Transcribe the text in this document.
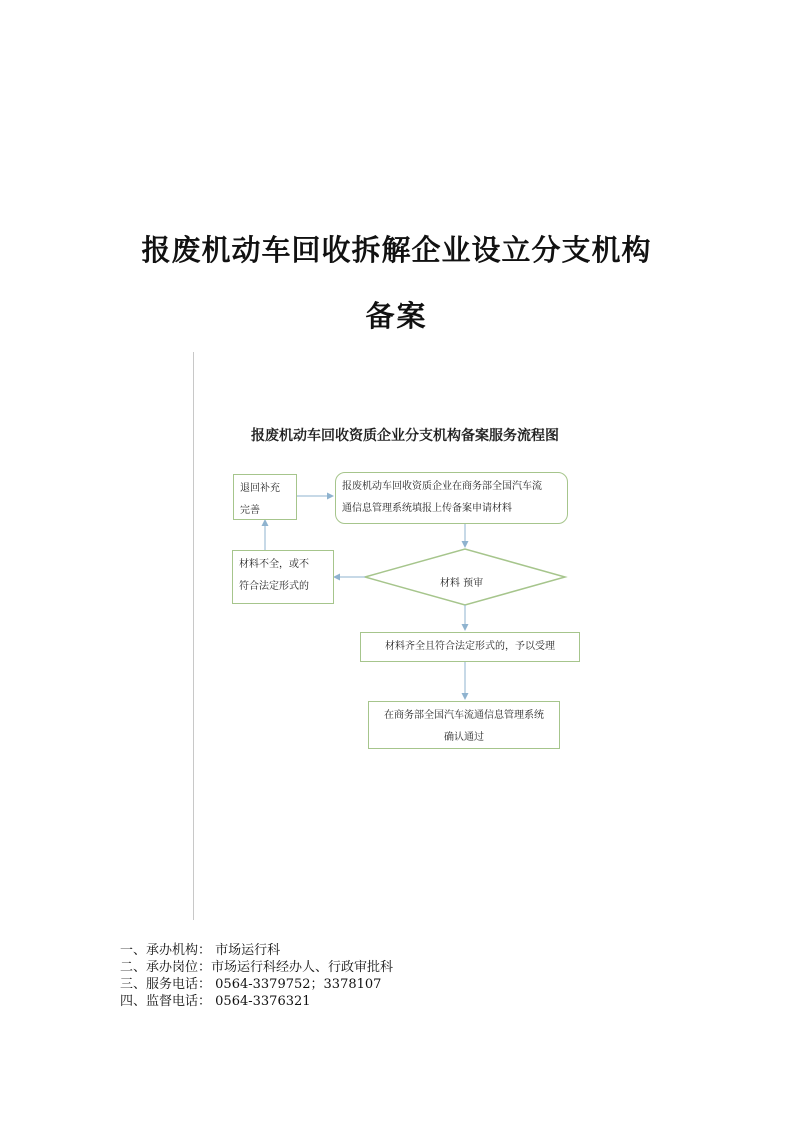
报废机动车回收拆解企业设立分支机构
备案
报废机动车回收资质企业分支机构备案服务流程图
报废机动车回收资质企业在商务部全国汽车流
通信息管理系统填报上传备案申请材料
退回补充
完善
材料不全，或不
符合法定形式的	材料 预审
材料齐全且符合法定形式的，予以受理
在商务部全国汽车流通信息管理系统
确认通过
一、承办机构： 市场运行科
二、承办岗位：市场运行科经办人、行政审批科
三、服务电话： 0564-3379752；3378107
四、监督电话： 0564-3376321
